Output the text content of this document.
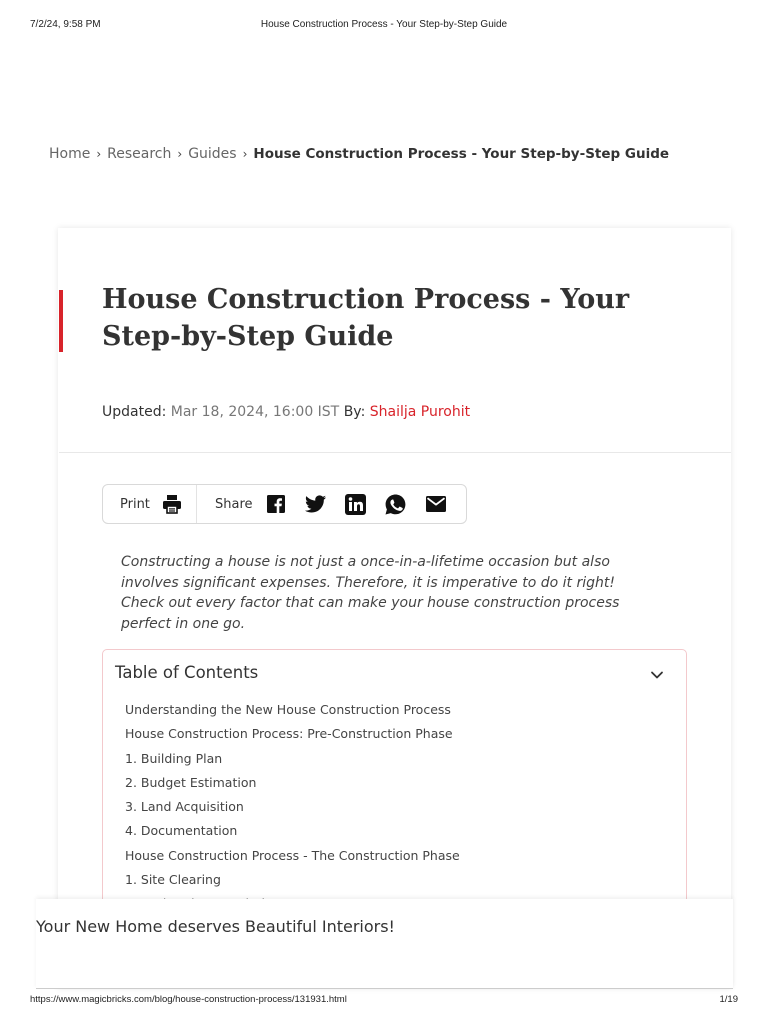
7/2/24, 9:58 PM	House Construction Process - Your Step-by-Step Guide
Home › Research › Guides › House Construction Process - Your Step-by-Step Guide
House Construction Process - Your Step-by-Step Guide
Updated: Mar 18, 2024, 16:00 IST By: Shailja Purohit
Print	Share

Constructing a house is not just a once-in-a-lifetime occasion but also involves significant expenses. Therefore, it is imperative to do it right! Check out every factor that can make your house construction process perfect in one go.

Table of Contents
Understanding the New House Construction Process
House Construction Process: Pre-Construction Phase
1. Building Plan
2. Budget Estimation
3. Land Acquisition
4. Documentation
House Construction Process - The Construction Phase
1. Site Clearing
Your New Home deserves Beautiful Interiors!
https://www.magicbricks.com/blog/house-construction-process/131931.html	1/19
